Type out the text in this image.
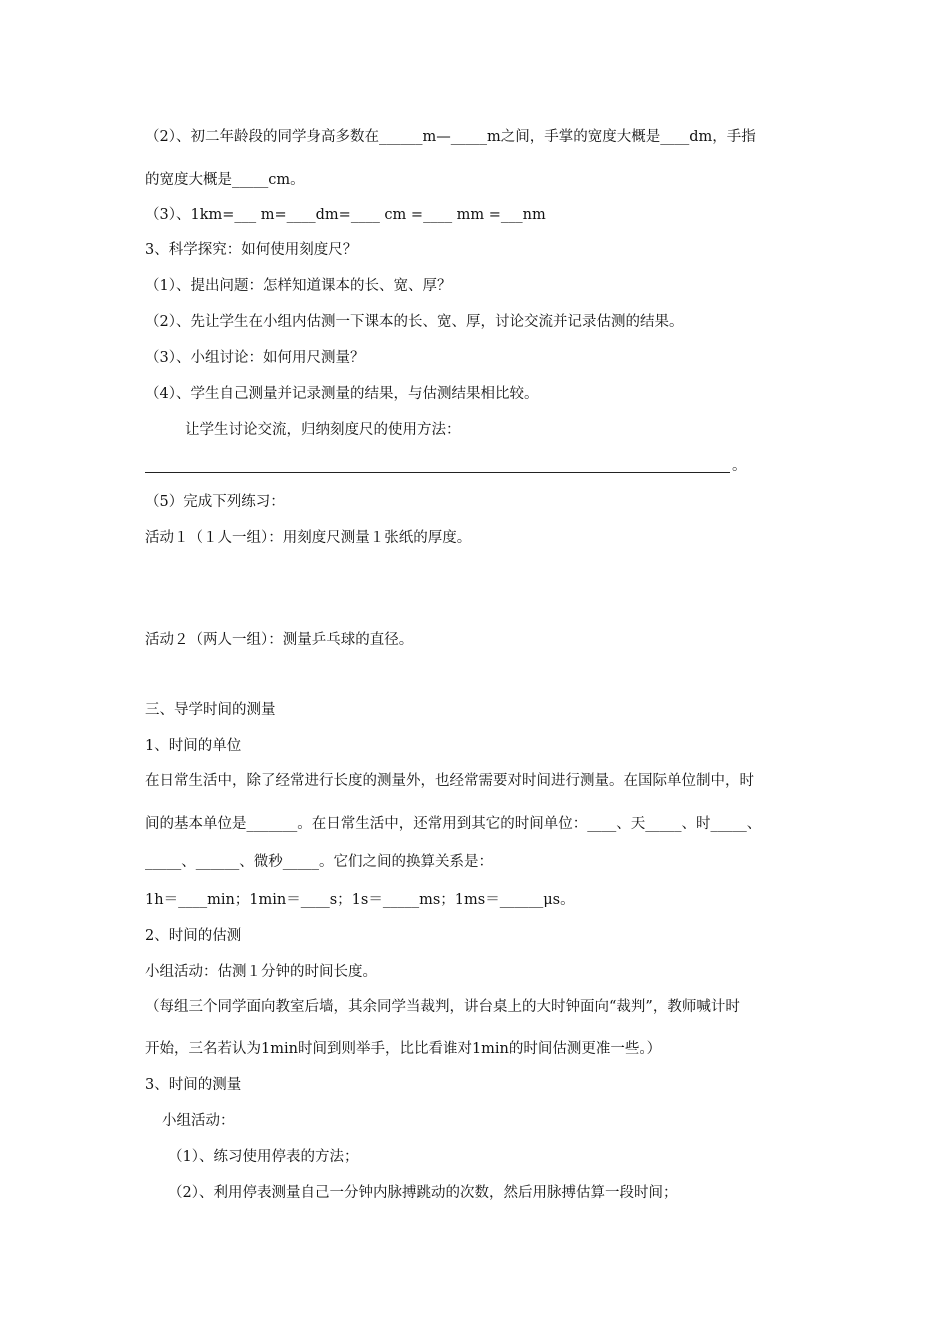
（2）、初二年龄段的同学身高多数在______m—_____m之间，手掌的宽度大概是____dm，手指
的宽度大概是_____cm。
（3）、1km=___ m=____dm=____ cm =____ mm =___nm
3、科学探究：如何使用刻度尺？
（1）、提出问题：怎样知道课本的长、宽、厚？
（2）、先让学生在小组内估测一下课本的长、宽、厚，讨论交流并记录估测的结果。
（3）、小组讨论：如何用尺测量？
（4）、学生自己测量并记录测量的结果，与估测结果相比较。
让学生讨论交流，归纳刻度尺的使用方法：
。
（5）完成下列练习：
活动１（１人一组）：用刻度尺测量１张纸的厚度。
活动２（两人一组）：测量乒乓球的直径。
三、导学时间的测量
1、时间的单位
在日常生活中，除了经常进行长度的测量外，也经常需要对时间进行测量。在国际单位制中，时
间的基本单位是_______。在日常生活中，还常用到其它的时间单位：____、天_____、时_____、
_____、______、微秒_____。它们之间的换算关系是：
1h＝____min；1min＝____s；1s＝_____ms；1ms＝______μs。
2、时间的估测
小组活动：估测１分钟的时间长度。
（每组三个同学面向教室后墙，其余同学当裁判，讲台桌上的大时钟面向“裁判”，教师喊计时
开始，三名若认为1min时间到则举手，比比看谁对1min的时间估测更准一些。）
3、时间的测量
小组活动：
（1）、练习使用停表的方法；
（2）、利用停表测量自己一分钟内脉搏跳动的次数，然后用脉搏估算一段时间；
